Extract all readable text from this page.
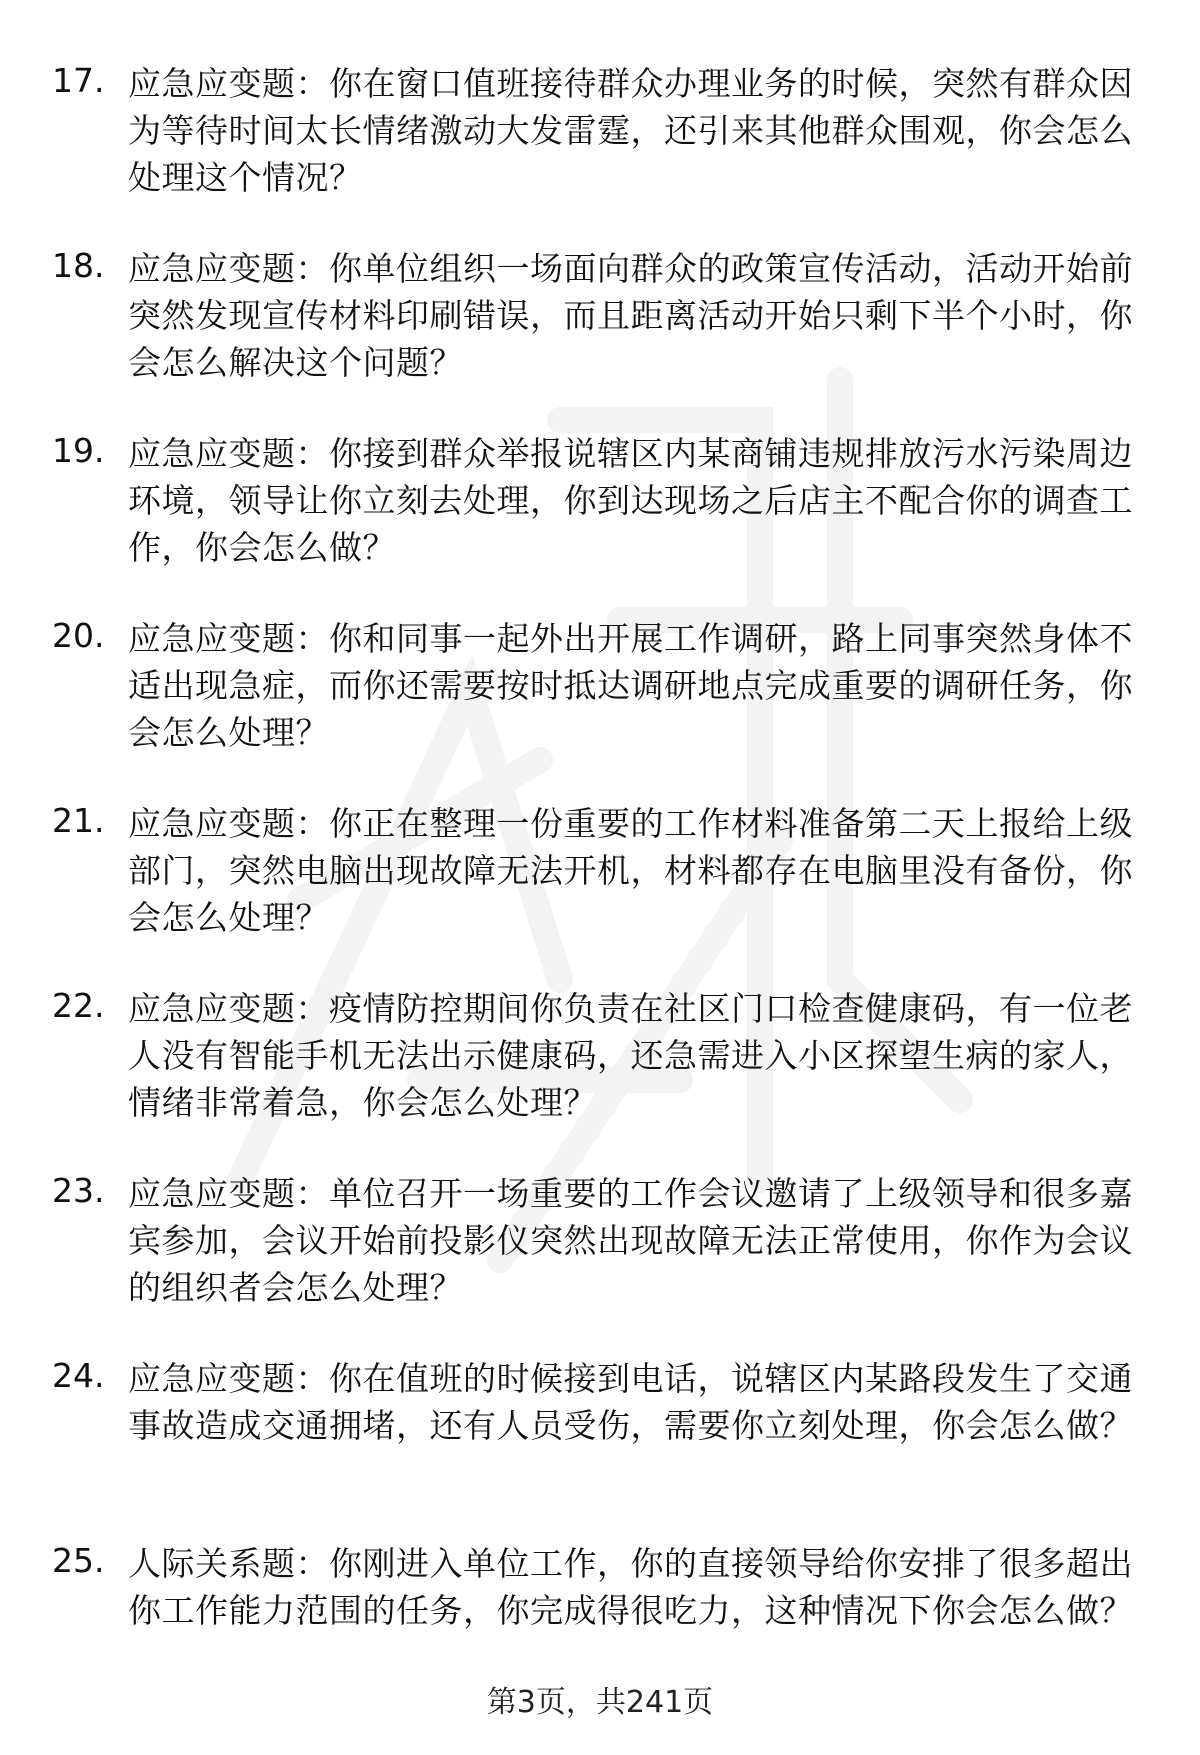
17. 应急应变题：你在窗口值班接待群众办理业务的时候，突然有群众因为等待时间太长情绪激动大发雷霆，还引来其他群众围观，你会怎么处理这个情况？
18. 应急应变题：你单位组织一场面向群众的政策宣传活动，活动开始前突然发现宣传材料印刷错误，而且距离活动开始只剩下半个小时，你会怎么解决这个问题？
19. 应急应变题：你接到群众举报说辖区内某商铺违规排放污水污染周边环境，领导让你立刻去处理，你到达现场之后店主不配合你的调查工作，你会怎么做？
20. 应急应变题：你和同事一起外出开展工作调研，路上同事突然身体不适出现急症，而你还需要按时抵达调研地点完成重要的调研任务，你会怎么处理？
21. 应急应变题：你正在整理一份重要的工作材料准备第二天上报给上级部门，突然电脑出现故障无法开机，材料都存在电脑里没有备份，你会怎么处理？
22. 应急应变题：疫情防控期间你负责在社区门口检查健康码，有一位老人没有智能手机无法出示健康码，还急需进入小区探望生病的家人，情绪非常着急，你会怎么处理？
23. 应急应变题：单位召开一场重要的工作会议邀请了上级领导和很多嘉宾参加，会议开始前投影仪突然出现故障无法正常使用，你作为会议的组织者会怎么处理？
24. 应急应变题：你在值班的时候接到电话，说辖区内某路段发生了交通事故造成交通拥堵，还有人员受伤，需要你立刻处理，你会怎么做？
25. 人际关系题：你刚进入单位工作，你的直接领导给你安排了很多超出你工作能力范围的任务，你完成得很吃力，这种情况下你会怎么做？
第3页，共241页
